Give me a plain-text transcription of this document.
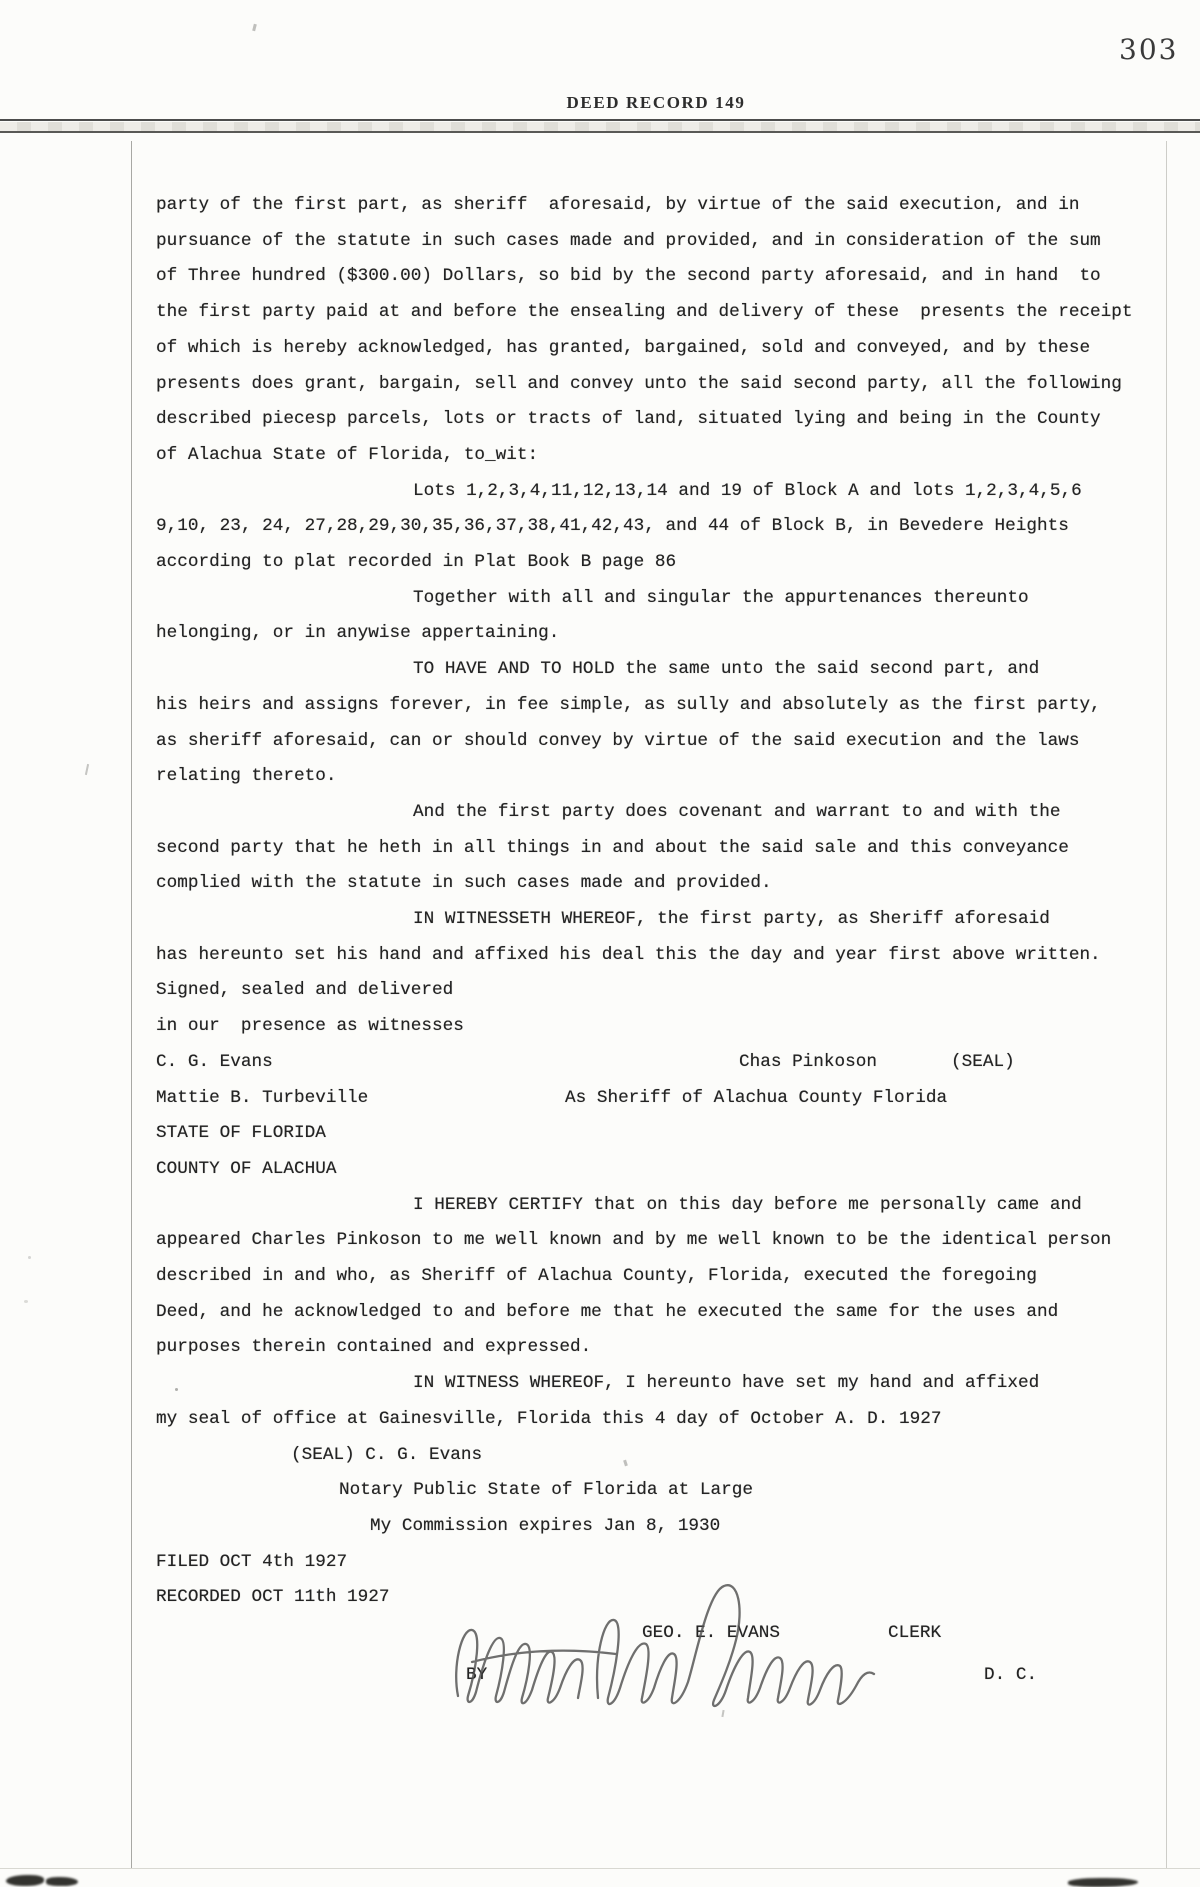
303
DEED RECORD 149
party of the first part, as sheriff  aforesaid, by virtue of the said execution, and in
pursuance of the statute in such cases made and provided, and in consideration of the sum
of Three hundred ($300.00) Dollars, so bid by the second party aforesaid, and in hand  to
the first party paid at and before the ensealing and delivery of these  presents the receipt
of which is hereby acknowledged, has granted, bargained, sold and conveyed, and by these
presents does grant, bargain, sell and convey unto the said second party, all the following
described piecesp parcels, lots or tracts of land, situated lying and being in the County
of Alachua State of Florida, to_wit:
Lots 1,2,3,4,11,12,13,14 and 19 of Block A and lots 1,2,3,4,5,6
9,10, 23, 24, 27,28,29,30,35,36,37,38,41,42,43, and 44 of Block B, in Bevedere Heights
according to plat recorded in Plat Book B page 86
Together with all and singular the appurtenances thereunto
helonging, or in anywise appertaining.
TO HAVE AND TO HOLD the same unto the said second part, and
his heirs and assigns forever, in fee simple, as sully and absolutely as the first party,
as sheriff aforesaid, can or should convey by virtue of the said execution and the laws
relating thereto.
And the first party does covenant and warrant to and with the
second party that he heth in all things in and about the said sale and this conveyance
complied with the statute in such cases made and provided.
IN WITNESSETH WHEREOF, the first party, as Sheriff aforesaid
has hereunto set his hand and affixed his deal this the day and year first above written.
Signed, sealed and delivered
in our  presence as witnesses
C. G. Evans	Chas Pinkoson	(SEAL)
Mattie B. Turbeville	As Sheriff of Alachua County Florida
STATE OF FLORIDA
COUNTY OF ALACHUA
I HEREBY CERTIFY that on this day before me personally came and
appeared Charles Pinkoson to me well known and by me well known to be the identical person
described in and who, as Sheriff of Alachua County, Florida, executed the foregoing
Deed, and he acknowledged to and before me that he executed the same for the uses and
purposes therein contained and expressed.
IN WITNESS WHEREOF, I hereunto have set my hand and affixed
my seal of office at Gainesville, Florida this 4 day of October A. D. 1927
(SEAL) C. G. Evans
Notary Public State of Florida at Large
My Commission expires Jan 8, 1930
FILED OCT 4th 1927
RECORDED OCT 11th 1927
GEO. E. EVANS	CLERK
BY	D. C.
